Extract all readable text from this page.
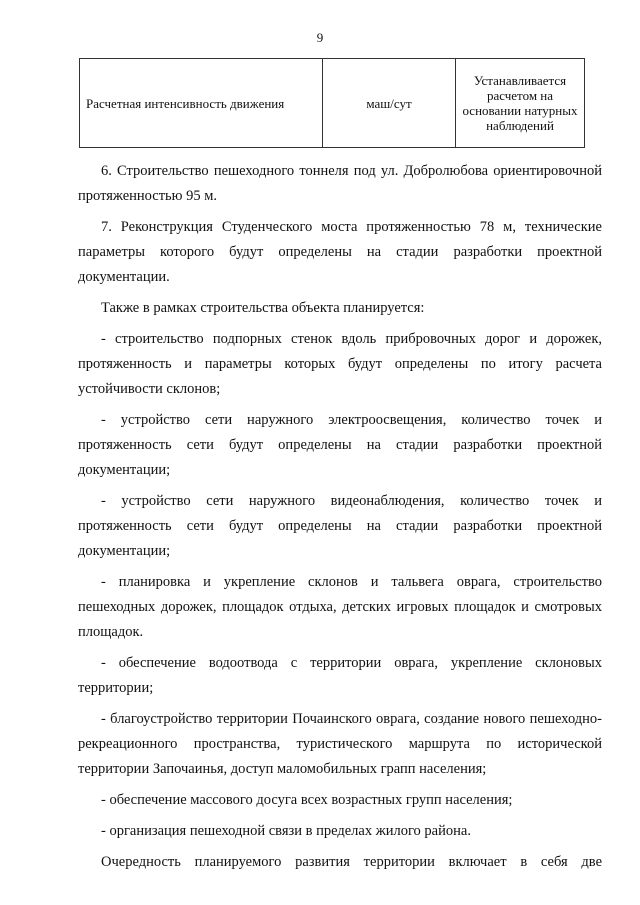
9
Расчетная интенсивность движения	маш/сут	Устанавливается расчетом на основании натурных наблюдений

6. Строительство пешеходного тоннеля под ул. Добролюбова ориентировочной протяженностью 95 м.

7. Реконструкция Студенческого моста протяженностью 78 м, технические параметры которого будут определены на стадии разработки проектной документации.

Также в рамках строительства объекта планируется:

- строительство подпорных стенок вдоль прибровочных дорог и дорожек, протяженность и параметры которых будут определены по итогу расчета устойчивости склонов;

- устройство сети наружного электроосвещения, количество точек и протяженность сети будут определены на стадии разработки проектной документации;

- устройство сети наружного видеонаблюдения, количество точек и протяженность сети будут определены на стадии разработки проектной документации;

- планировка и укрепление склонов и тальвега оврага, строительство пешеходных дорожек, площадок отдыха, детских игровых площадок и смотровых площадок.

- обеспечение водоотвода с территории оврага, укрепление склоновых территории;

- благоустройство территории Почаинского оврага, создание нового пешеходно-рекреационного пространства, туристического маршрута по исторической территории Започаинья, доступ маломобильных грапп населения;

- обеспечение массового досуга всех возрастных групп населения;

- организация пешеходной связи в пределах жилого района.

Очередность планируемого развития территории включает в себя две
